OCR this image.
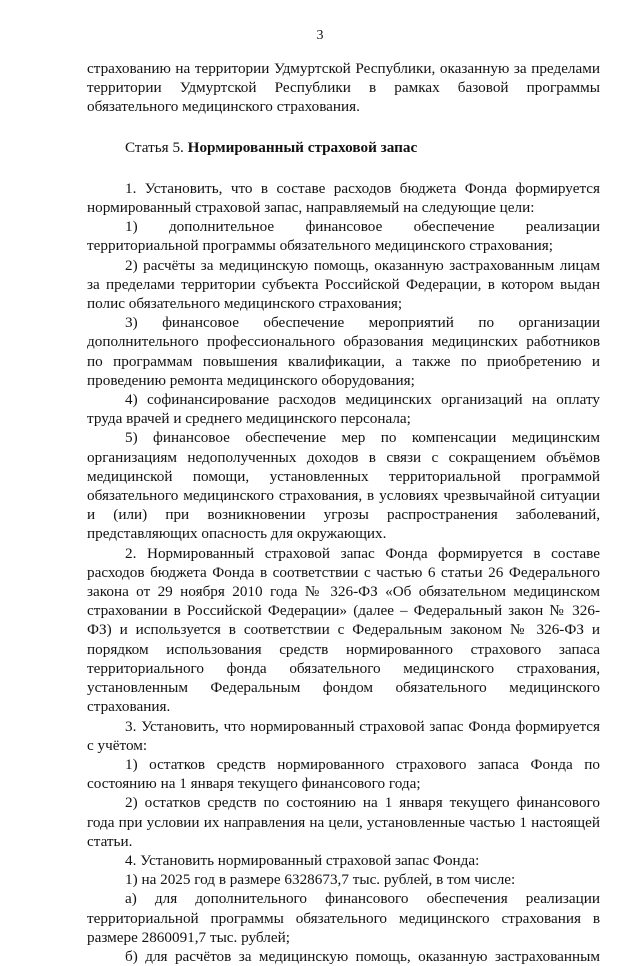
3

страхованию на территории Удмуртской Республики, оказанную за пределами территории Удмуртской Республики в рамках базовой программы обязательного медицинского страхования.

Статья 5. Нормированный страховой запас

1. Установить, что в составе расходов бюджета Фонда формируется нормированный страховой запас, направляемый на следующие цели:

1) дополнительное финансовое обеспечение реализации территориальной программы обязательного медицинского страхования;

2) расчёты за медицинскую помощь, оказанную застрахованным лицам за пределами территории субъекта Российской Федерации, в котором выдан полис обязательного медицинского страхования;

3) финансовое обеспечение мероприятий по организации дополнительного профессионального образования медицинских работников по программам повышения квалификации, а также по приобретению и проведению ремонта медицинского оборудования;

4) софинансирование расходов медицинских организаций на оплату труда врачей и среднего медицинского персонала;

5) финансовое обеспечение мер по компенсации медицинским организациям недополученных доходов в связи с сокращением объёмов медицинской помощи, установленных территориальной программой обязательного медицинского страхования, в условиях чрезвычайной ситуации и (или) при возникновении угрозы распространения заболеваний, представляющих опасность для окружающих.

2. Нормированный страховой запас Фонда формируется в составе расходов бюджета Фонда в соответствии с частью 6 статьи 26 Федерального закона от 29 ноября 2010 года № 326-ФЗ «Об обязательном медицинском страховании в Российской Федерации» (далее – Федеральный закон № 326-ФЗ) и используется в соответствии с Федеральным законом № 326-ФЗ и порядком использования средств нормированного страхового запаса территориального фонда обязательного медицинского страхования, установленным Федеральным фондом обязательного медицинского страхования.

3. Установить, что нормированный страховой запас Фонда формируется с учётом:

1) остатков средств нормированного страхового запаса Фонда по состоянию на 1 января текущего финансового года;

2) остатков средств по состоянию на 1 января текущего финансового года при условии их направления на цели, установленные частью 1 настоящей статьи.

4. Установить нормированный страховой запас Фонда:

1) на 2025 год в размере 6328673,7 тыс. рублей, в том числе:

а) для дополнительного финансового обеспечения реализации территориальной программы обязательного медицинского страхования в размере 2860091,7 тыс. рублей;

б) для расчётов за медицинскую помощь, оказанную застрахованным
